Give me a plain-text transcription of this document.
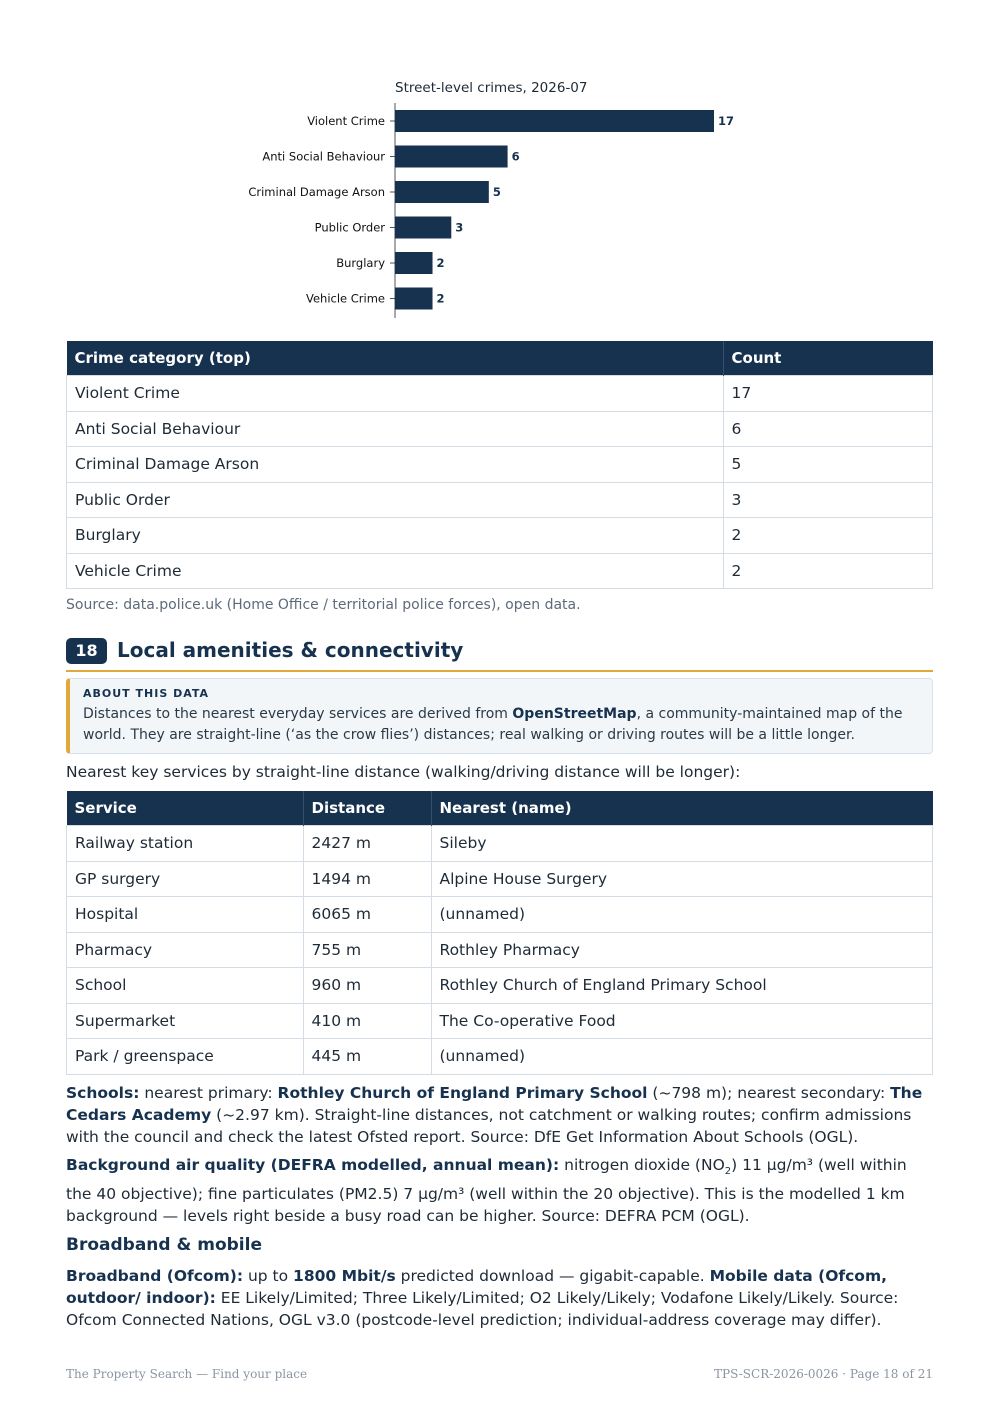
Street-level crimes, 2026-07
Violent Crime	17
Anti Social Behaviour	6
Criminal Damage Arson	5
Public Order	3
Burglary	2
Vehicle Crime	2
Crime category (top)	Count
Violent Crime	17
Anti Social Behaviour	6
Criminal Damage Arson	5
Public Order	3
Burglary	2
Vehicle Crime	2
Source: data.police.uk (Home Office / territorial police forces), open data.
18 Local amenities & connectivity
ABOUT THIS DATA
Distances to the nearest everyday services are derived from OpenStreetMap, a community-maintained map of the world. They are straight-line (‘as the crow flies’) distances; real walking or driving routes will be a little longer.
Nearest key services by straight-line distance (walking/driving distance will be longer):
Service	Distance	Nearest (name)
Railway station	2427 m	Sileby
GP surgery	1494 m	Alpine House Surgery
Hospital	6065 m	(unnamed)
Pharmacy	755 m	Rothley Pharmacy
School	960 m	Rothley Church of England Primary School
Supermarket	410 m	The Co-operative Food
Park / greenspace	445 m	(unnamed)
Schools: nearest primary: Rothley Church of England Primary School (~798 m); nearest secondary: The Cedars Academy (~2.97 km). Straight-line distances, not catchment or walking routes; confirm admissions with the council and check the latest Ofsted report. Source: DfE Get Information About Schools (OGL).
Background air quality (DEFRA modelled, annual mean): nitrogen dioxide $(NO_2)$ 11 µg/m³ (well within the 40 objective); fine particulates (PM2.5) 7 µg/m³ (well within the 20 objective). This is the modelled 1 km background — levels right beside a busy road can be higher. Source: DEFRA PCM (OGL).
Broadband & mobile
Broadband (Ofcom): up to 1800 Mbit/s predicted download — gigabit-capable. Mobile data (Ofcom, outdoor/ indoor): EE Likely/Limited; Three Likely/Limited; O2 Likely/Likely; Vodafone Likely/Likely. Source: Ofcom Connected Nations, OGL v3.0 (postcode-level prediction; individual-address coverage may differ).
The Property Search — Find your place	TPS-SCR-2026-0026 · Page 18 of 21
